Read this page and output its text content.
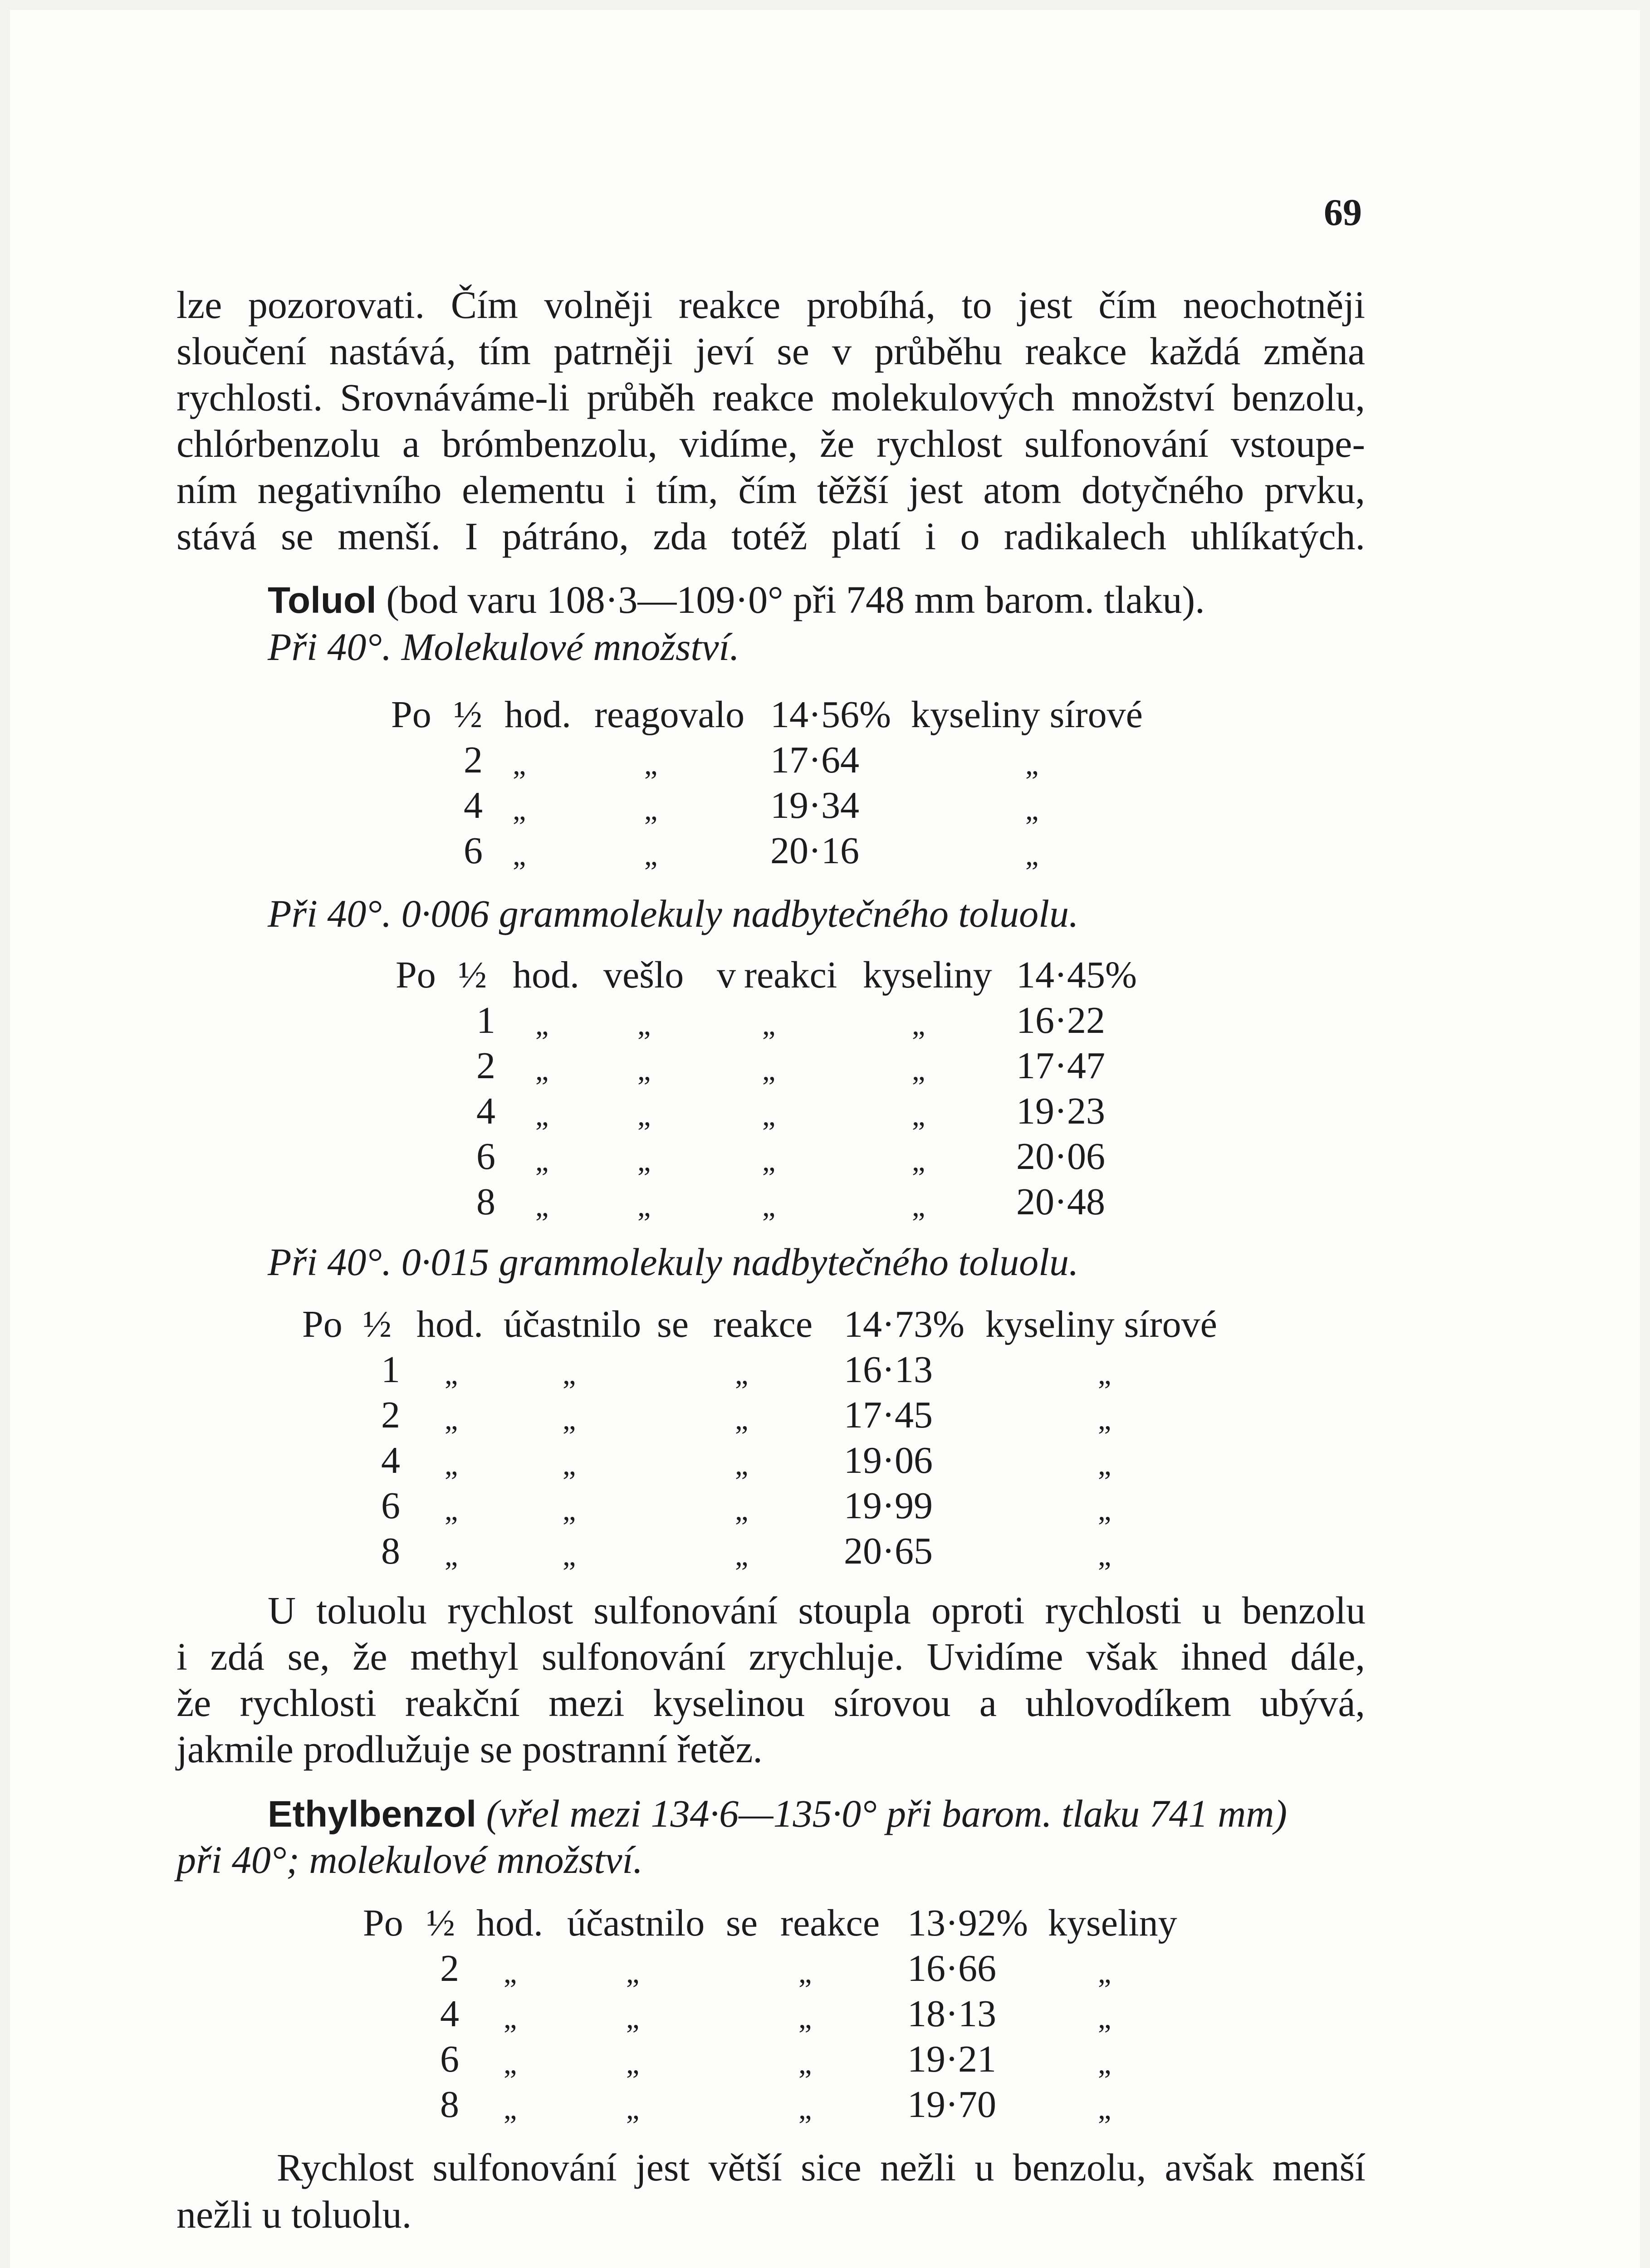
69
lze pozorovati. Čím volněji reakce probíhá, to jest čím neochotněji
sloučení nastává, tím patrněji jeví se v průběhu reakce každá změna
rychlosti. Srovnáváme-li průběh reakce molekulových množství benzolu,
chlórbenzolu a brómbenzolu, vidíme, že rychlost sulfonování vstoupe-
ním negativního elementu i tím, čím těžší jest atom dotyčného prvku,
stává se menší. I pátráno, zda totéž platí i o radikalech uhlíkatých.
Toluol (bod varu 108·3—109·0° při 748 mm barom. tlaku).
Při 40°. Molekulové množství.
Po ½ hod. reagovalo 14·56% kyseliny sírové
2 „	„	17·64	„
4 „	„	19·34	„
6 „	„	20·16	„
Při 40°. 0·006 grammolekuly nadbytečného toluolu.
Po ½ hod. vešlo v reakci kyseliny 14·45%
1 „	„	„	„ 16·22
2 „	„	„	„ 17·47
4 „	„	„	„ 19·23
6 „	„	„	„ 20·06
8 „	„	„	„ 20·48
Při 40°. 0·015 grammolekuly nadbytečného toluolu.
Po ½ hod. účastnilo se reakce 14·73% kyseliny sírové
1 „	„	„	16·13	„
2 „	„	„	17·45	„
4 „	„	„	19·06	„
6 „	„	„	19·99	„
8 „	„	„	20·65	„
U toluolu rychlost sulfonování stoupla oproti rychlosti u benzolu
i zdá se, že methyl sulfonování zrychluje. Uvidíme však ihned dále,
že rychlosti reakční mezi kyselinou sírovou a uhlovodíkem ubývá,
jakmile prodlužuje se postranní řetěz.
Ethylbenzol (vřel mezi 134·6—135·0° při barom. tlaku 741 mm)
při 40°; molekulové množství.
Po ½ hod. účastnilo se reakce 13·92% kyseliny
2 „	„	„	16·66	„
4 „	„	„	18·13	„
6 „	„	„	19·21	„
8 „	„	„	19·70	„
Rychlost sulfonování jest větší sice nežli u benzolu, avšak menší
nežli u toluolu.
